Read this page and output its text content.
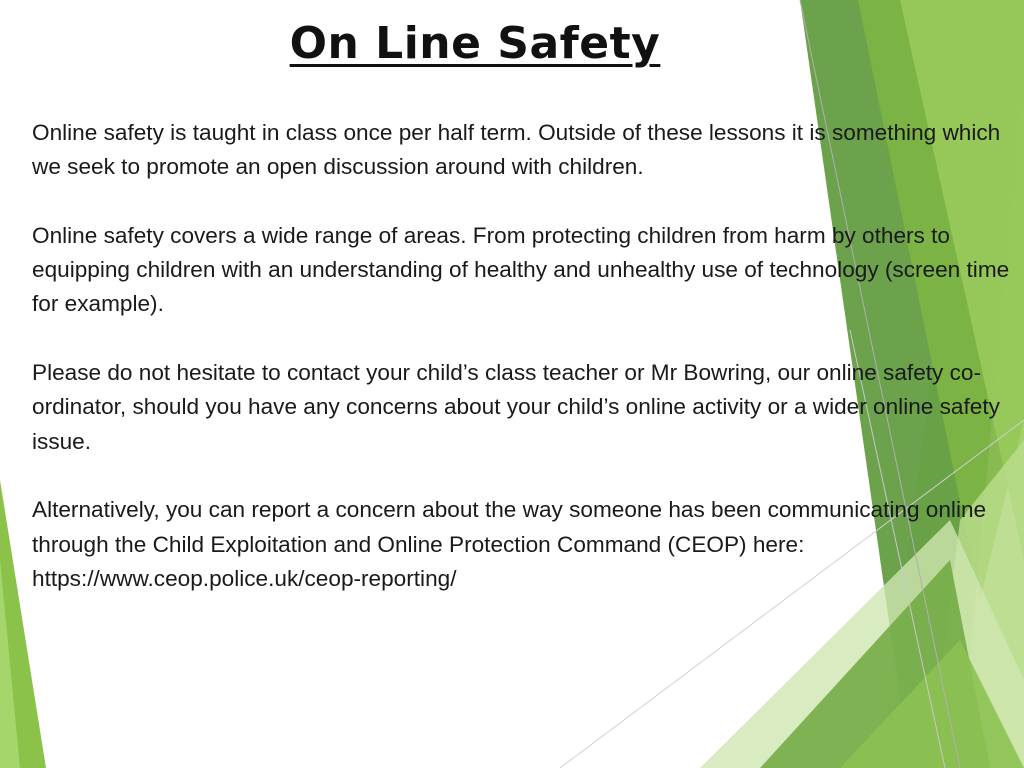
On Line Safety

Online safety is taught in class once per half term. Outside of these lessons it is something which we seek to promote an open discussion around with children.

Online safety covers a wide range of areas. From protecting children from harm by others to equipping children with an understanding of healthy and unhealthy use of technology (screen time for example).

Please do not hesitate to contact your child’s class teacher or Mr Bowring, our online safety co-ordinator, should you have any concerns about your child’s online activity or a wider online safety issue.

Alternatively, you can report a concern about the way someone has been communicating online through the Child Exploitation and Online Protection Command (CEOP) here: https://www.ceop.police.uk/ceop-reporting/
